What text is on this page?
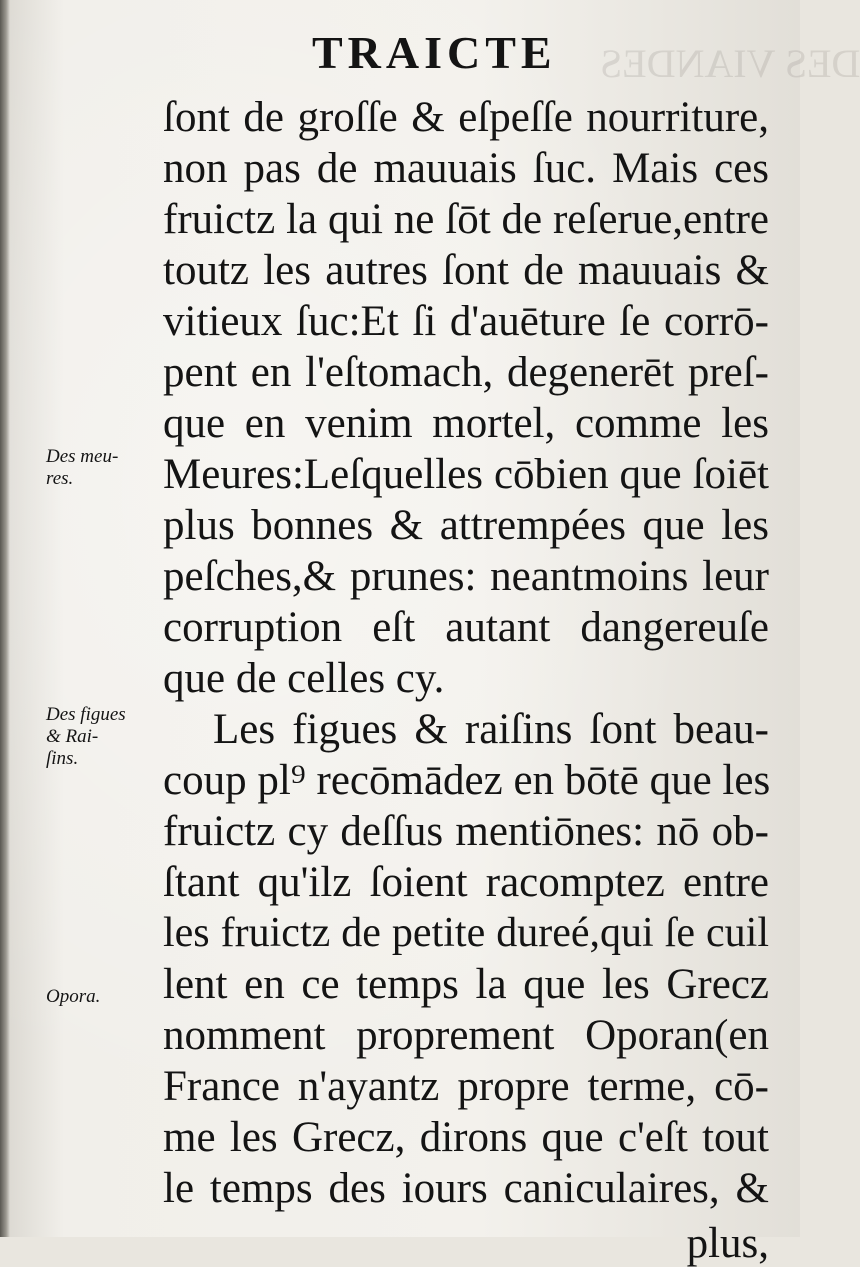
DES VIANDES
TRAICTE
ſont de groſſe & eſpeſſe nourriture,
non pas de mauuais ſuc. Mais ces
fruictz la qui ne ſōt de reſerue,entre
toutz les autres ſont de mauuais &
vitieux ſuc:Et ſi d'auēture ſe corrō-
pent en l'eſtomach, degenerēt preſ-
que en venim mortel, comme les
Meures:Leſquelles cōbien que ſoiēt
plus bonnes & attrempées que les
peſches,& prunes: neantmoins leur
corruption eſt autant dangereuſe
que de celles cy.
Les figues & raiſins ſont beau-
coup pl⁹ recōmādez en bōtē que les
fruictz cy deſſus mentiōnes: nō ob-
ſtant qu'ilz ſoient racomptez entre
les fruictz de petite dureé,qui ſe cuil
lent en ce temps la que les Grecz
nomment proprement Oporan(en
France n'ayantz propre terme, cō-
me les Grecz, dirons que c'eſt tout
le temps des iours caniculaires, &
plus,
Des meu-
res.
Des figues
& Rai-
ſins.
Opora.
